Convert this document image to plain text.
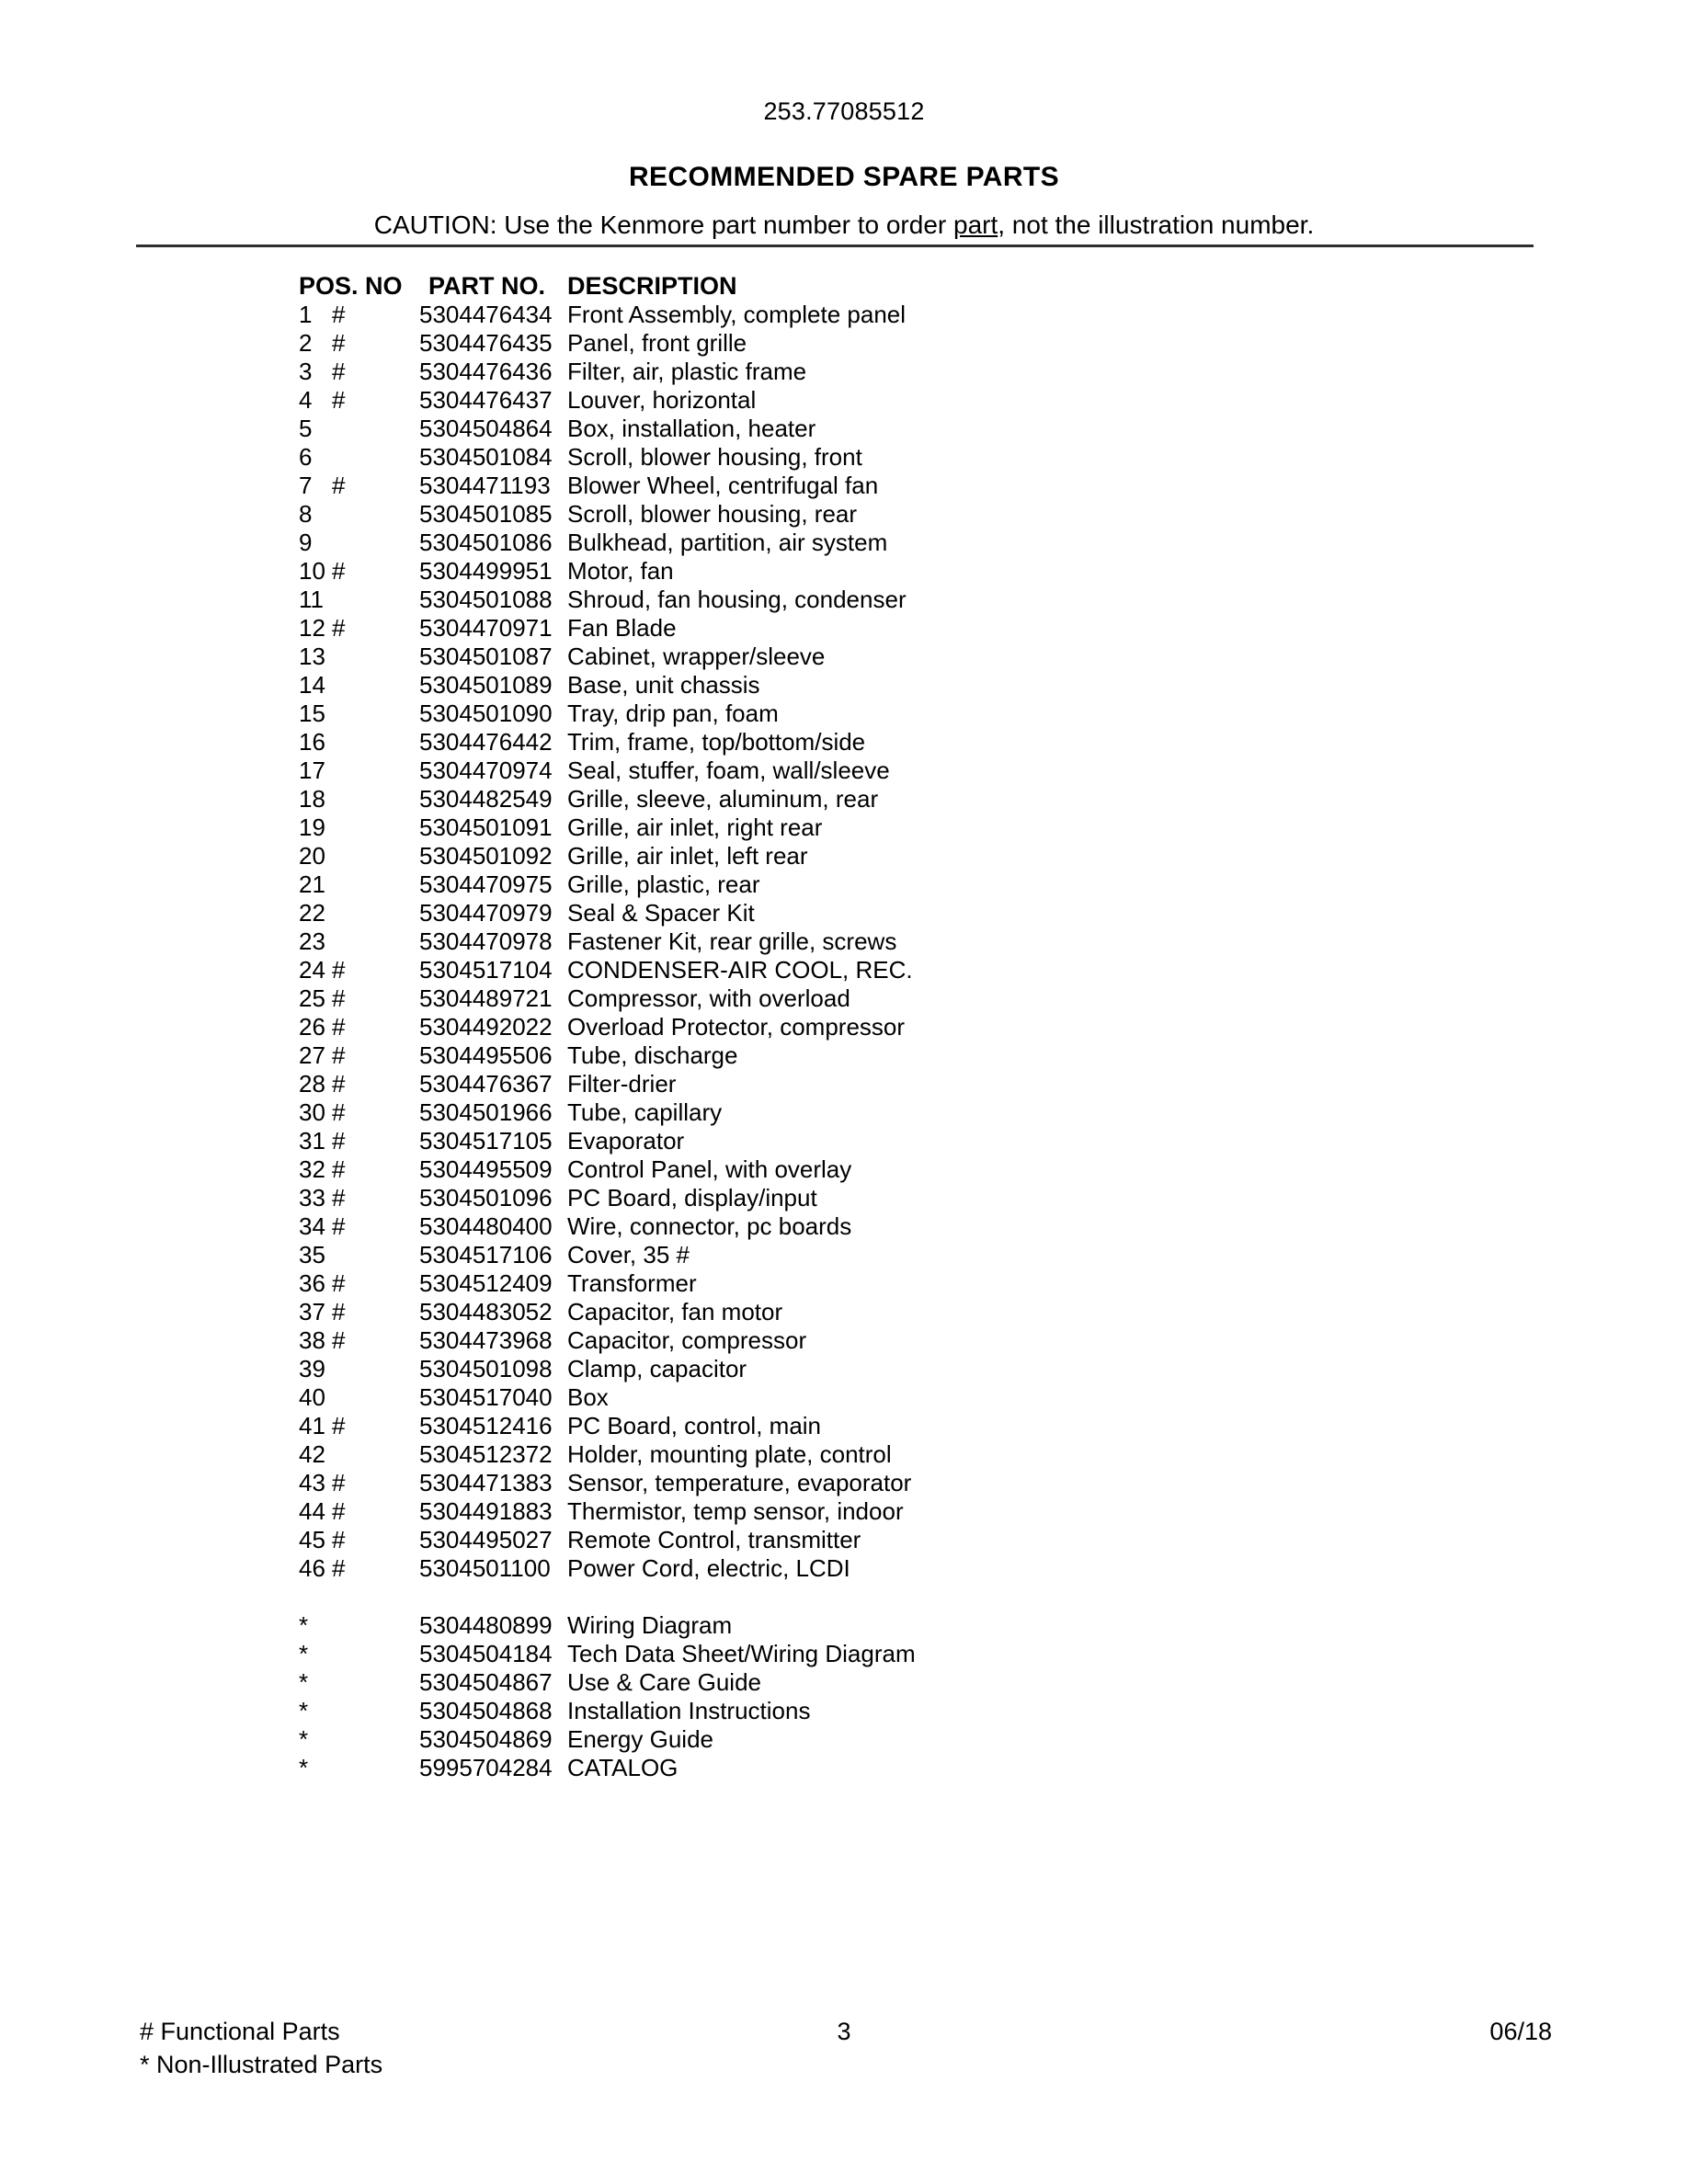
253.77085512
RECOMMENDED SPARE PARTS
CAUTION: Use the Kenmore part number to order part, not the illustration number.
POS. NO PART NO. DESCRIPTION
1 #	5304476434 Front Assembly, complete panel
2 #	5304476435 Panel, front grille
3 #	5304476436 Filter, air, plastic frame
4 #	5304476437 Louver, horizontal
5	5304504864 Box, installation, heater
6	5304501084 Scroll, blower housing, front
7 #	5304471193 Blower Wheel, centrifugal fan
8	5304501085 Scroll, blower housing, rear
9	5304501086 Bulkhead, partition, air system
10 #	5304499951 Motor, fan
11	5304501088 Shroud, fan housing, condenser
12 #	5304470971 Fan Blade
13	5304501087 Cabinet, wrapper/sleeve
14	5304501089 Base, unit chassis
15	5304501090 Tray, drip pan, foam
16	5304476442 Trim, frame, top/bottom/side
17	5304470974 Seal, stuffer, foam, wall/sleeve
18	5304482549 Grille, sleeve, aluminum, rear
19	5304501091 Grille, air inlet, right rear
20	5304501092 Grille, air inlet, left rear
21	5304470975 Grille, plastic, rear
22	5304470979 Seal & Spacer Kit
23	5304470978 Fastener Kit, rear grille, screws
24 #	5304517104 CONDENSER-AIR COOL, REC.
25 #	5304489721 Compressor, with overload
26 #	5304492022 Overload Protector, compressor
27 #	5304495506 Tube, discharge
28 #	5304476367 Filter-drier
30 #	5304501966 Tube, capillary
31 #	5304517105 Evaporator
32 #	5304495509 Control Panel, with overlay
33 #	5304501096 PC Board, display/input
34 #	5304480400 Wire, connector, pc boards
35	5304517106 Cover, 35 #
36 #	5304512409 Transformer
37 #	5304483052 Capacitor, fan motor
38 #	5304473968 Capacitor, compressor
39	5304501098 Clamp, capacitor
40	5304517040 Box
41 #	5304512416 PC Board, control, main
42	5304512372 Holder, mounting plate, control
43 #	5304471383 Sensor, temperature, evaporator
44 #	5304491883 Thermistor, temp sensor, indoor
45 #	5304495027 Remote Control, transmitter
46 #	5304501100 Power Cord, electric, LCDI
*	5304480899 Wiring Diagram
*	5304504184 Tech Data Sheet/Wiring Diagram
*	5304504867 Use & Care Guide
*	5304504868 Installation Instructions
*	5304504869 Energy Guide
*	5995704284 CATALOG
# Functional Parts
* Non-Illustrated Parts
3	06/18
